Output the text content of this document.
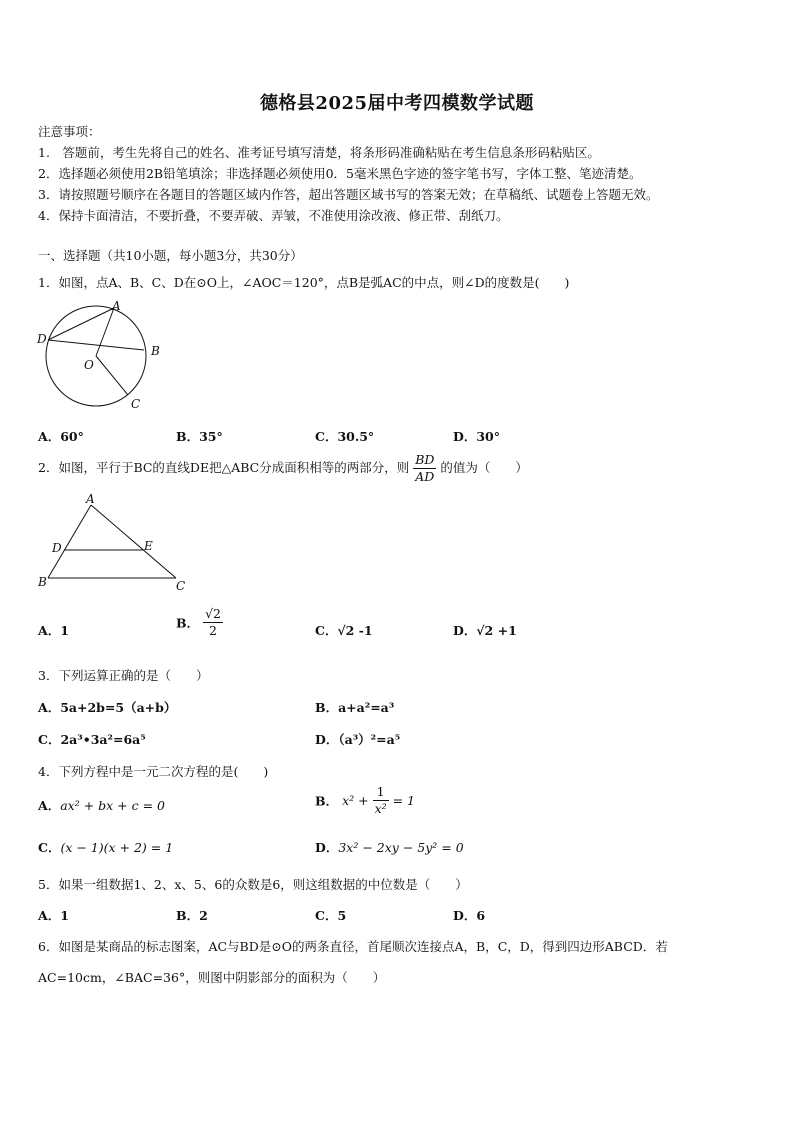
德格县2025届中考四模数学试题
注意事项：
1.　答题前，考生先将自己的姓名、准考证号填写清楚，将条形码准确粘贴在考生信息条形码粘贴区。
2．选择题必须使用2B铅笔填涂；非选择题必须使用0．5毫米黑色字迹的签字笔书写，字体工整、笔迹清楚。
3．请按照题号顺序在各题目的答题区域内作答，超出答题区域书写的答案无效；在草稿纸、试题卷上答题无效。
4．保持卡面清洁，不要折叠，不要弄破、弄皱，不准使用涂改液、修正带、刮纸刀。
一、选择题（共10小题，每小题3分，共30分）
1．如图，点A、B、C、D在⊙O上，∠AOC＝120°，点B是弧AC的中点，则∠D的度数是(　　)
A
B
C
D
O
A．60°	B．35°	C．30.5°	D．30°
2．如图，平行于BC的直线DE把△ABC分成面积相等的两部分，则 $\frac{BD}{AD}$ 的值为（　　）
A
D	E
B	C
A．1	B． $\frac{√2}{2}$	C．√2 -1	D．√2 +1
3．下列运算正确的是（　　）
A．5a+2b=5（a+b）	B．a+a²=a³
C．2a³•3a²=6a⁵	D．（a³）²=a⁵
4．下列方程中是一元二次方程的是(　　)
A．ax² + bx + c = 0	B． $x^2 + \frac{1}{\text{x²}} = 1$
C．(x − 1)(x + 2) = 1	D．3x² − 2xy − 5y² = 0
5．如果一组数据1、2、x、5、6的众数是6，则这组数据的中位数是（　　）
A．1	B．2	C．5	D．6
6．如图是某商品的标志图案，AC与BD是⊙O的两条直径，首尾顺次连接点A，B，C，D，得到四边形ABCD．若
AC=10cm，∠BAC=36°，则图中阴影部分的面积为（　　）
